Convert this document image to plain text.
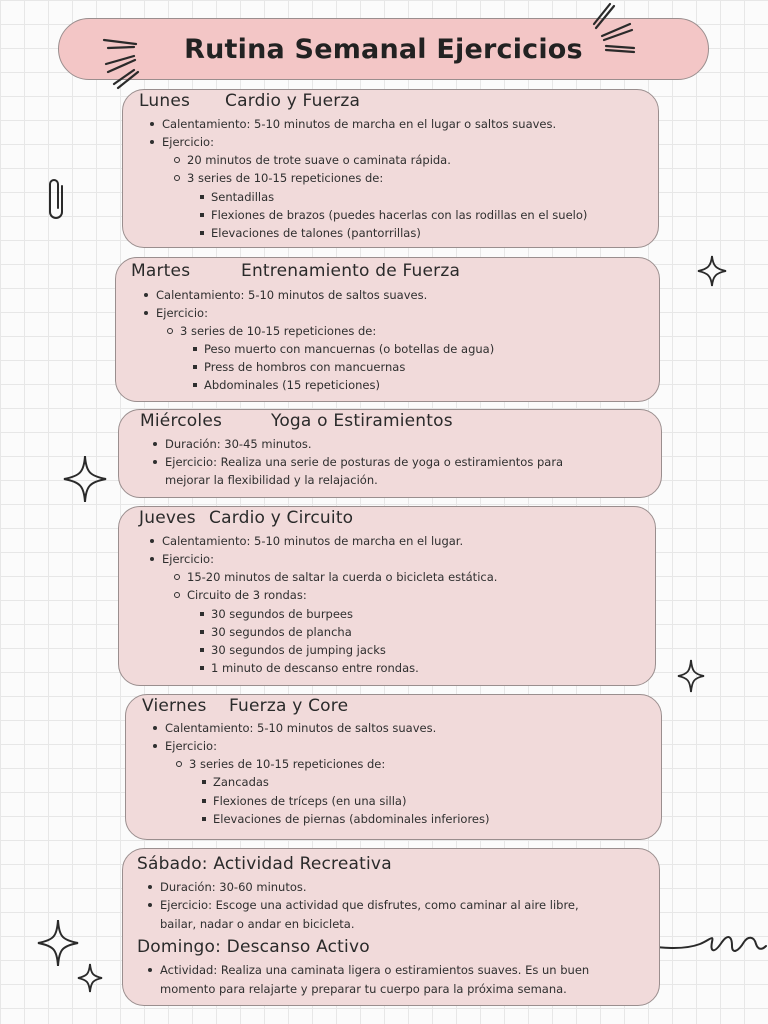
Rutina Semanal Ejercicios
Lunes Cardio y Fuerza
Calentamiento: 5-10 minutos de marcha en el lugar o saltos suaves.
Ejercicio:
20 minutos de trote suave o caminata rápida.
3 series de 10-15 repeticiones de:
Sentadillas
Flexiones de brazos (puedes hacerlas con las rodillas en el suelo)
Elevaciones de talones (pantorrillas)
Martes	Entrenamiento de Fuerza
Calentamiento: 5-10 minutos de saltos suaves.
Ejercicio:
3 series de 10-15 repeticiones de:
Peso muerto con mancuernas (o botellas de agua)
Press de hombros con mancuernas
Abdominales (15 repeticiones)
Miércoles	Yoga o Estiramientos
Duración: 30-45 minutos.
Ejercicio: Realiza una serie de posturas de yoga o estiramientos para
mejorar la flexibilidad y la relajación.
Jueves Cardio y Circuito
Calentamiento: 5-10 minutos de marcha en el lugar.
Ejercicio:
15-20 minutos de saltar la cuerda o bicicleta estática.
Circuito de 3 rondas:
30 segundos de burpees
30 segundos de plancha
30 segundos de jumping jacks
1 minuto de descanso entre rondas.
Viernes Fuerza y Core
Calentamiento: 5-10 minutos de saltos suaves.
Ejercicio:
3 series de 10-15 repeticiones de:
Zancadas
Flexiones de tríceps (en una silla)
Elevaciones de piernas (abdominales inferiores)
Sábado: Actividad Recreativa
Duración: 30-60 minutos.
Ejercicio: Escoge una actividad que disfrutes, como caminar al aire libre,
bailar, nadar o andar en bicicleta.
Domingo: Descanso Activo
Actividad: Realiza una caminata ligera o estiramientos suaves. Es un buen
momento para relajarte y preparar tu cuerpo para la próxima semana.
